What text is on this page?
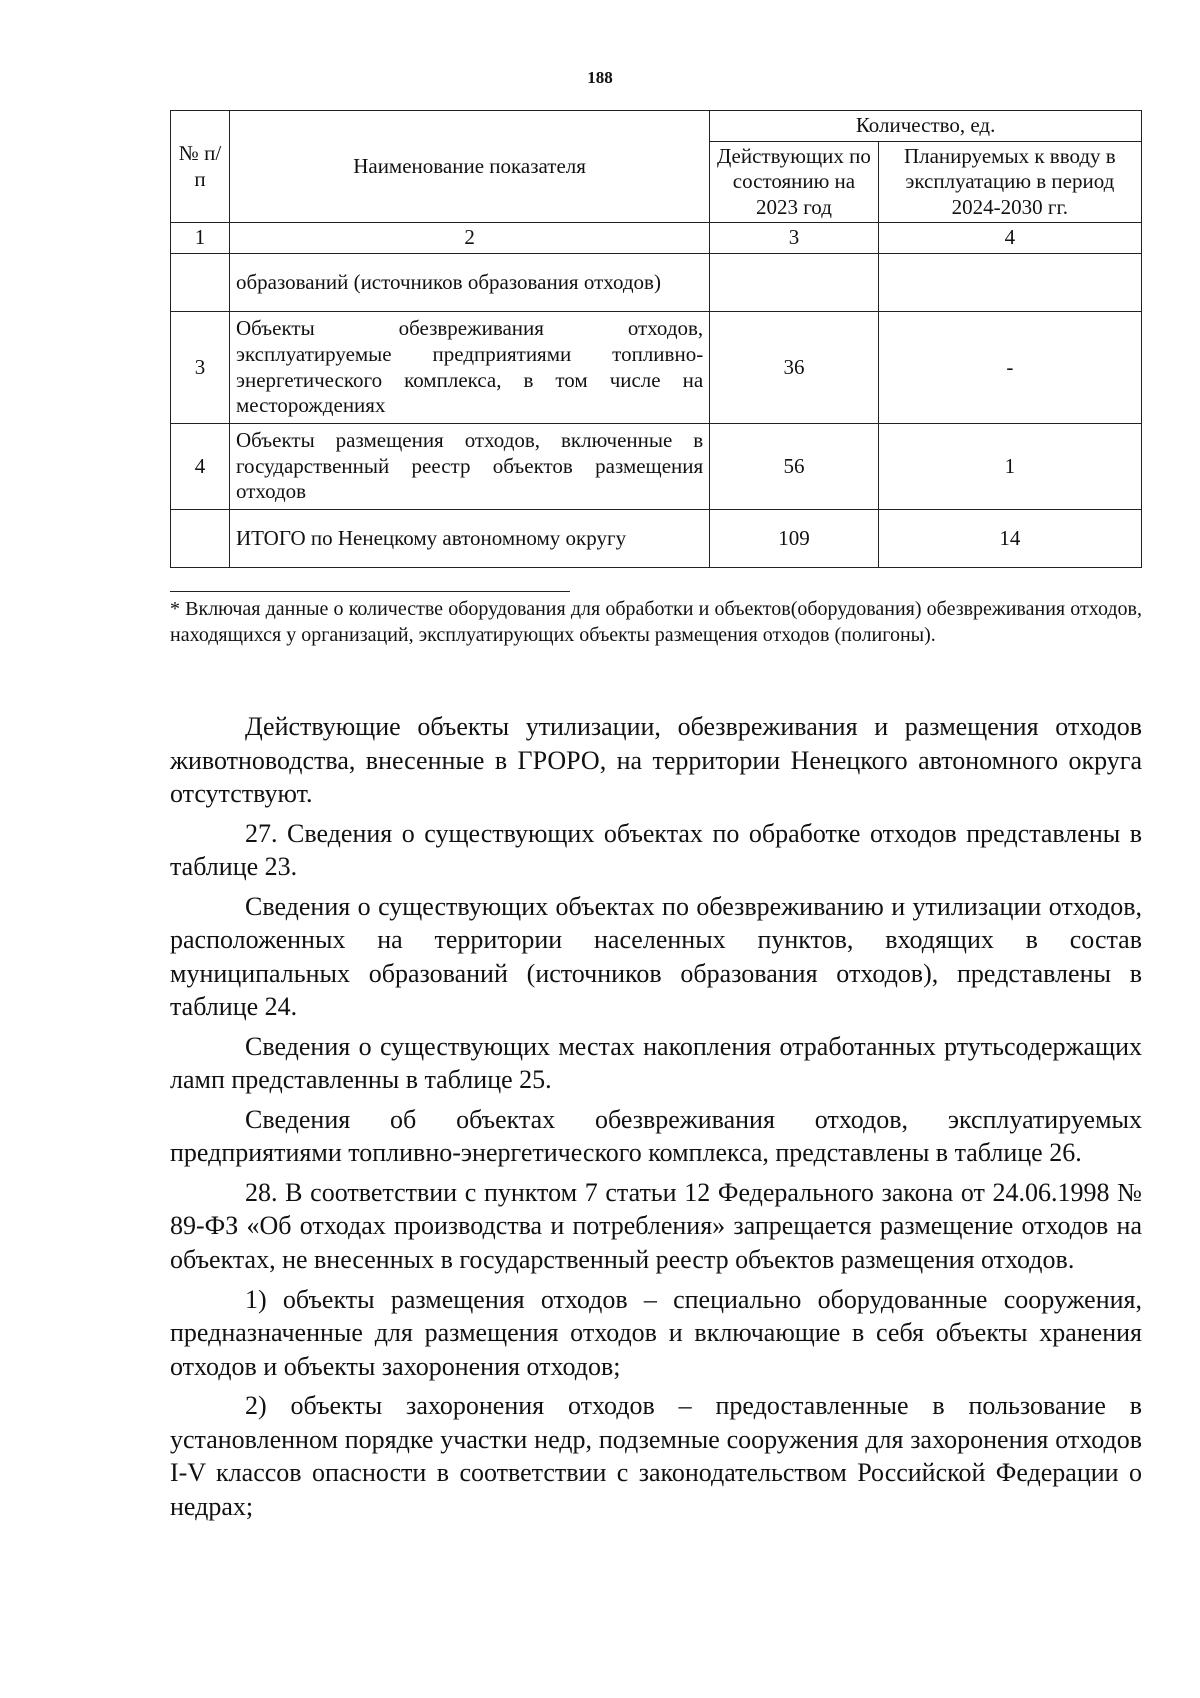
188
№ п/п	Наименование показателя	Количество, ед.	
		Действующих по состоянию на 2023 год	Планируемых к вводу в эксплуатацию в период 2024-2030 гг.
1	2	3	4
	образований (источников образования отходов)		
3	Объекты обезвреживания отходов, эксплуатируемые предприятиями топливно-энергетического комплекса, в том числе на месторождениях	36	-
4	Объекты размещения отходов, включенные в государственный реестр объектов размещения отходов	56	1
	ИТОГО по Ненецкому автономному округу	109	14
* Включая данные о количестве оборудования для обработки и объектов(оборудования) обезвреживания отходов, находящихся у организаций, эксплуатирующих объекты размещения отходов (полигоны).

Действующие объекты утилизации, обезвреживания и размещения отходов животноводства, внесенные в ГРОРО, на территории Ненецкого автономного округа отсутствуют.

27. Сведения о существующих объектах по обработке отходов представлены в таблице 23.

Сведения о существующих объектах по обезвреживанию и утилизации отходов, расположенных на территории населенных пунктов, входящих в состав муниципальных образований (источников образования отходов), представлены в таблице 24.

Сведения о существующих местах накопления отработанных ртутьсодержащих ламп представленны в таблице 25.

Сведения об объектах обезвреживания отходов, эксплуатируемых предприятиями топливно-энергетического комплекса, представлены в таблице 26.

28. В соответствии с пунктом 7 статьи 12 Федерального закона от 24.06.1998 № 89-ФЗ «Об отходах производства и потребления» запрещается размещение отходов на объектах, не внесенных в государственный реестр объектов размещения отходов.

1) объекты размещения отходов – специально оборудованные сооружения, предназначенные для размещения отходов и включающие в себя объекты хранения отходов и объекты захоронения отходов;

2) объекты захоронения отходов – предоставленные в пользование в установленном порядке участки недр, подземные сооружения для захоронения отходов I-V классов опасности в соответствии с законодательством Российской Федерации о недрах;
